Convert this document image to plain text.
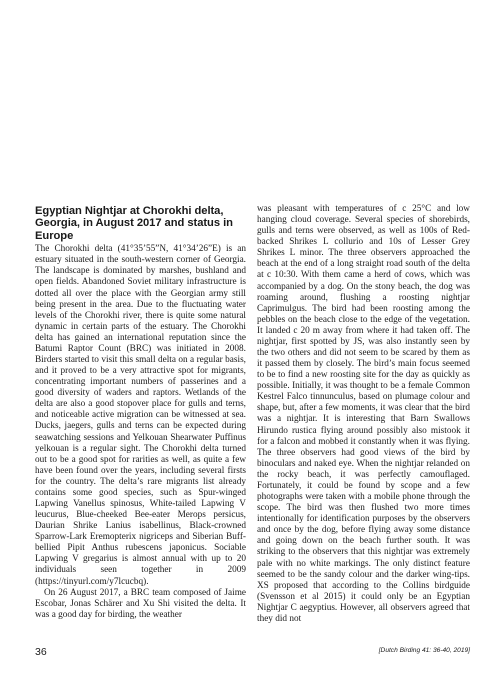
Egyptian Nightjar at Chorokhi delta, Georgia, in August 2017 and status in Europe

The Chorokhi delta (41°35’55”N, 41°34’26”E) is an estuary situated in the south-western corner of Georgia. The landscape is dominated by marshes, bushland and open fields. Abandoned Soviet military infrastructure is dotted all over the place with the Georgian army still being present in the area. Due to the fluctuating water levels of the Chorokhi river, there is quite some natural dynamic in certain parts of the estuary. The Chorokhi delta has gained an international reputation since the Batumi Raptor Count (BRC) was initiated in 2008. Birders started to visit this small delta on a regular basis, and it proved to be a very attractive spot for migrants, concentrating important numbers of passerines and a good diversity of waders and raptors. Wetlands of the delta are also a good stopover place for gulls and terns, and noticeable active migration can be witnessed at sea. Ducks, jaegers, gulls and terns can be expected during seawatching sessions and Yelkouan Shearwater Puffinus yelkouan is a regular sight. The Chorokhi delta turned out to be a good spot for rarities as well, as quite a few have been found over the years, including several firsts for the country. The delta’s rare migrants list already contains some good species, such as Spur-winged Lapwing Vanellus spinosus, White-tailed Lapwing V leucurus, Blue-cheeked Bee-eater Merops persicus, Daurian Shrike Lanius isabellinus, Black-crowned Sparrow-Lark Eremopterix nigriceps and Siberian Buff-bellied Pipit Anthus rubescens japonicus. Sociable Lapwing V gregarius is almost annual with up to 20 individuals seen together in 2009 (https://tinyurl.com/y7lcucbq).

On 26 August 2017, a BRC team composed of Jaime Escobar, Jonas Schärer and Xu Shi visited the delta. It was a good day for birding, the weather

was pleasant with temperatures of c 25°C and low hanging cloud coverage. Several species of shorebirds, gulls and terns were observed, as well as 100s of Red-backed Shrikes L collurio and 10s of Lesser Grey Shrikes L minor. The three observers approached the beach at the end of a long straight road south of the delta at c 10:30. With them came a herd of cows, which was accompanied by a dog. On the stony beach, the dog was roaming around, flushing a roosting nightjar Caprimulgus. The bird had been roosting among the pebbles on the beach close to the edge of the vegetation. It landed c 20 m away from where it had taken off. The nightjar, first spotted by JS, was also instantly seen by the two others and did not seem to be scared by them as it passed them by closely. The bird’s main focus seemed to be to find a new roosting site for the day as quickly as possible. Initially, it was thought to be a female Common Kestrel Falco tinnunculus, based on plumage colour and shape, but, after a few moments, it was clear that the bird was a nightjar. It is interesting that Barn Swallows Hirundo rustica flying around possibly also mistook it for a falcon and mobbed it constantly when it was flying. The three observers had good views of the bird by binoculars and naked eye. When the nightjar relanded on the rocky beach, it was perfectly camouflaged. Fortunately, it could be found by scope and a few photographs were taken with a mobile phone through the scope. The bird was then flushed two more times intentionally for identification purposes by the observers and once by the dog, before flying away some distance and going down on the beach further south. It was striking to the observers that this nightjar was extremely pale with no white markings. The only distinct feature seemed to be the sandy colour and the darker wing-tips. XS proposed that according to the Collins birdguide (Svensson et al 2015) it could only be an Egyptian Nightjar C aegyptius. However, all observers agreed that they did not

36	[Dutch Birding 41: 36-40, 2019]
